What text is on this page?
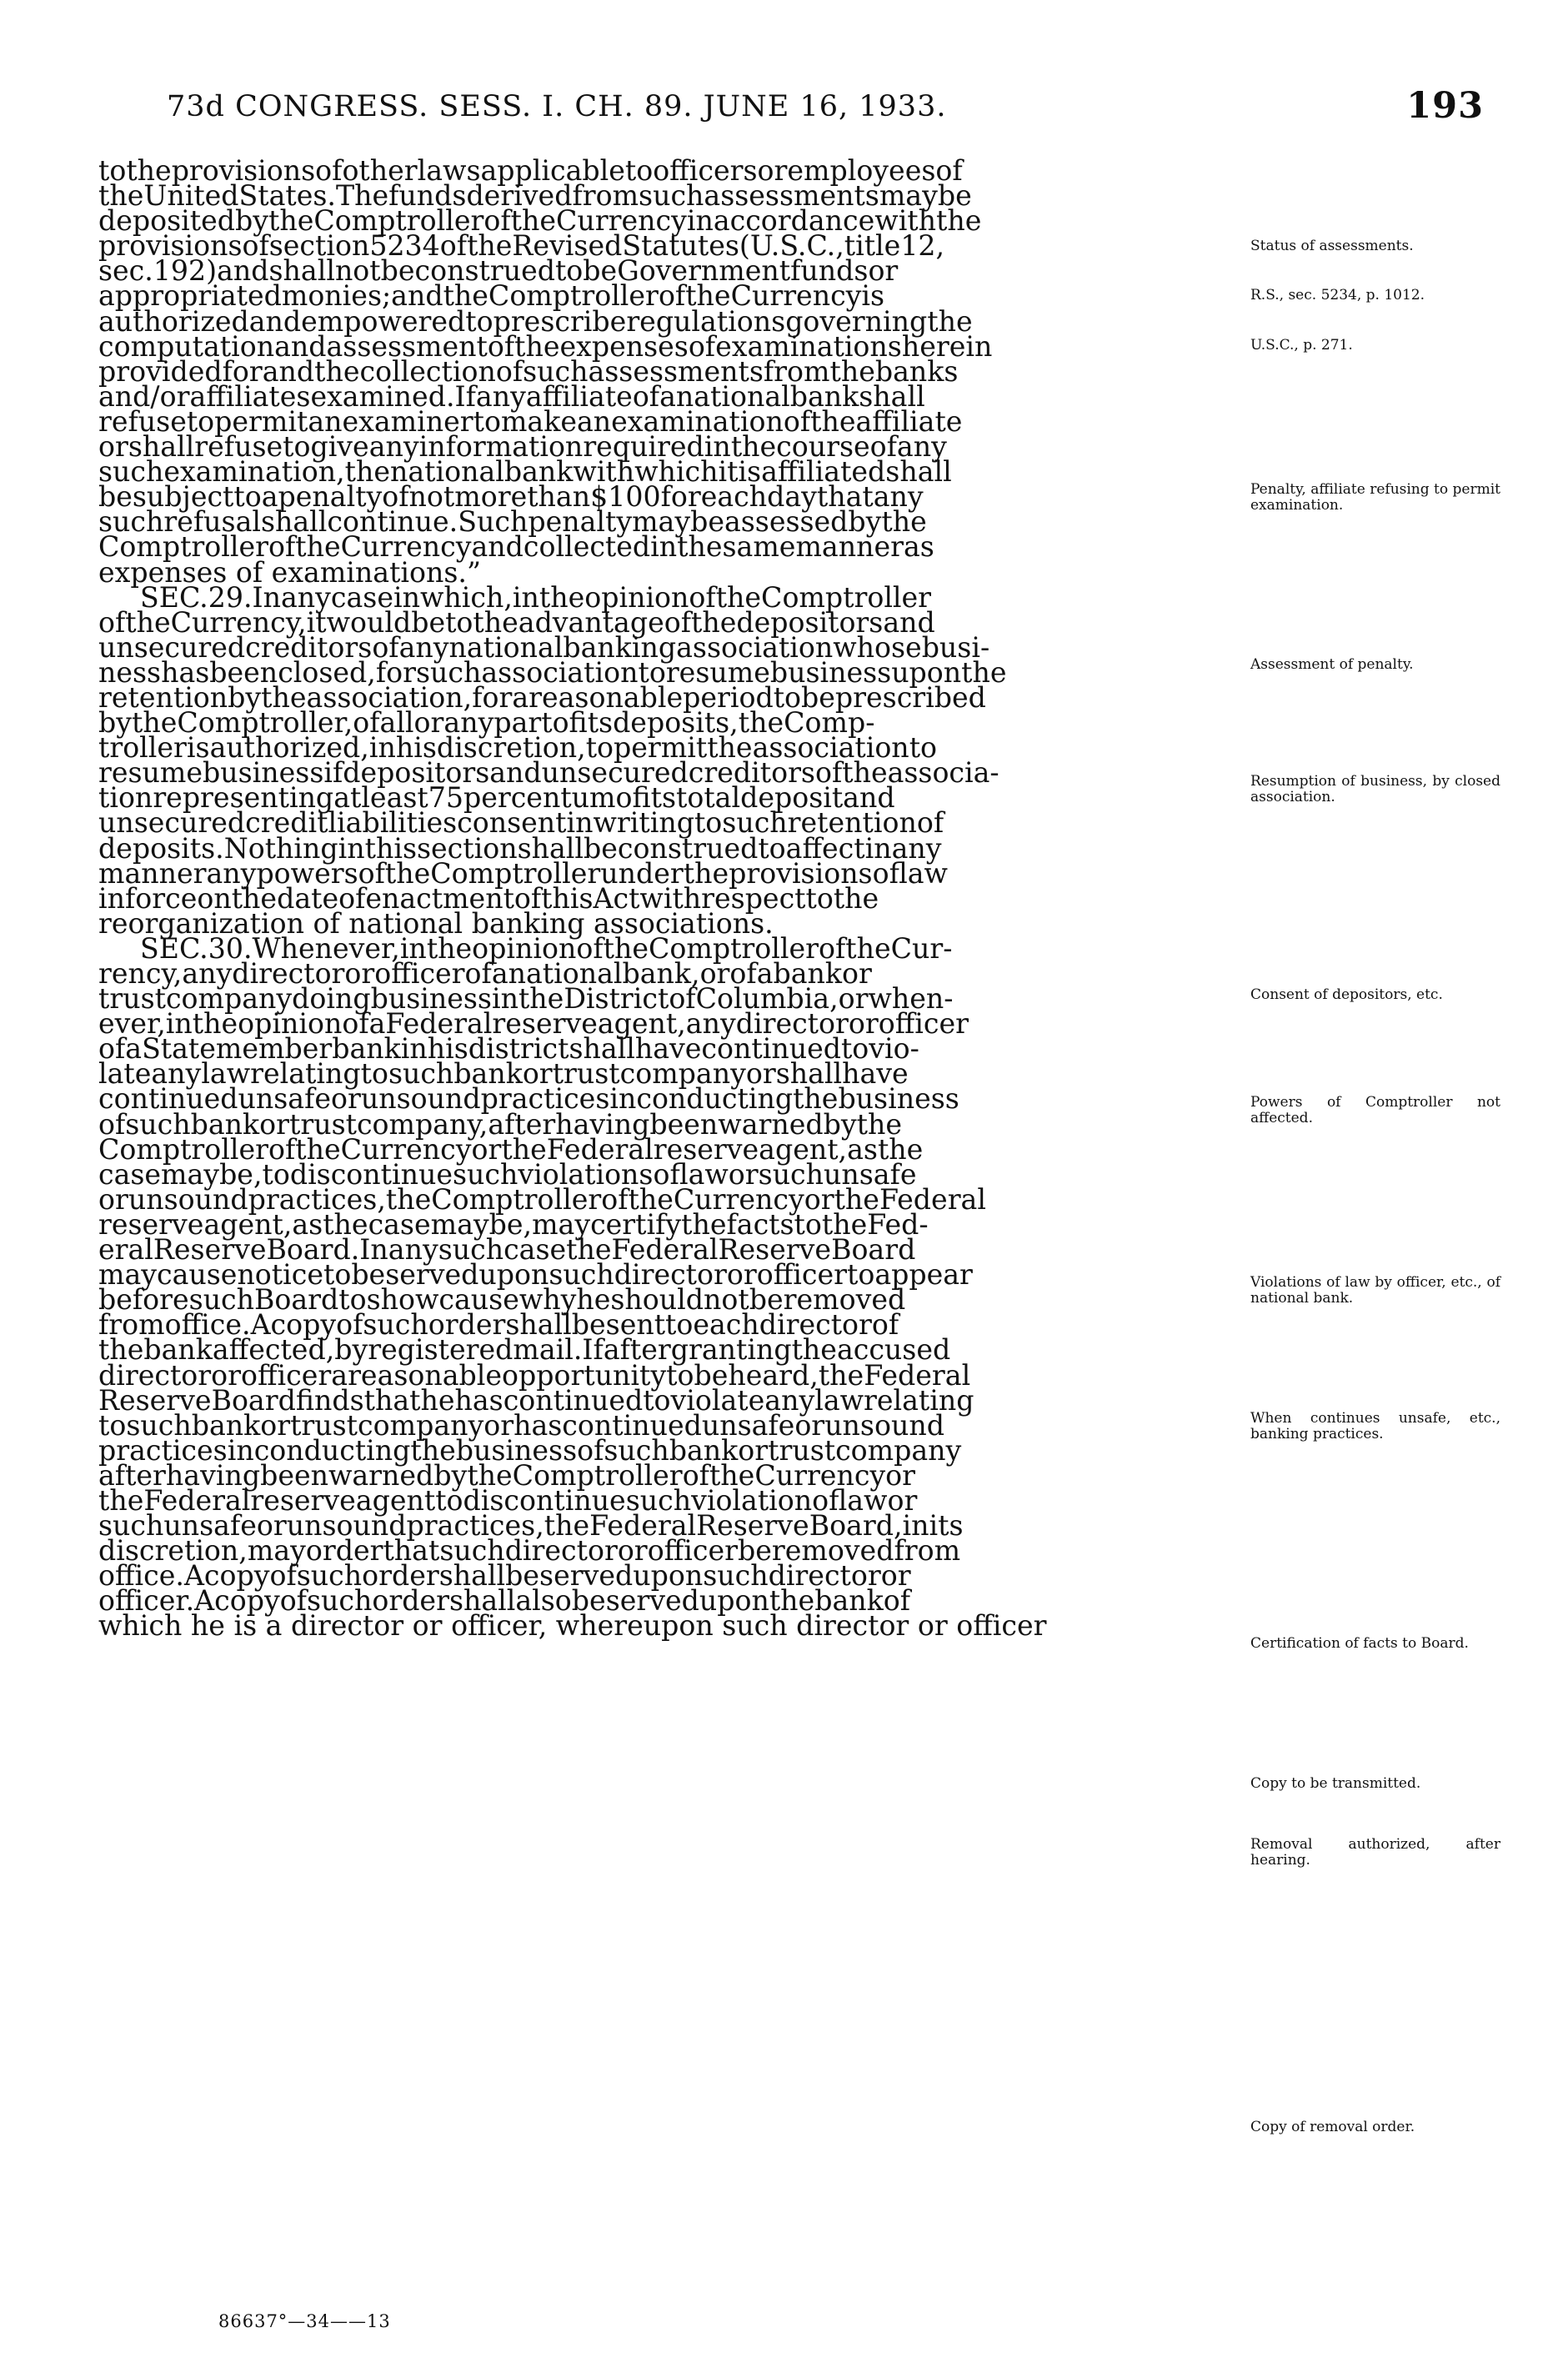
73d CONGRESS. SESS. I. CH. 89. JUNE 16, 1933.	193
totheprovisionsofotherlawsapplicabletoofficersoremployeesof
theUnitedStates.Thefundsderivedfromsuchassessmentsmaybe
depositedbytheComptrolleroftheCurrencyinaccordancewiththe
provisionsofsection5234oftheRevisedStatutes(U.S.C.,title12,
sec.192)andshallnotbeconstruedtobeGovernmentfundsor
appropriatedmonies;andtheComptrolleroftheCurrencyis
authorizedandempoweredtoprescriberegulationsgoverningthe
computationandassessmentoftheexpensesofexaminationsherein
providedforandthecollectionofsuchassessmentsfromthebanks
and/oraffiliatesexamined.Ifanyaffiliateofanationalbankshall
refusetopermitanexaminertomakeanexaminationoftheaffiliate
orshallrefusetogiveanyinformationrequiredinthecourseofany
suchexamination,thenationalbankwithwhichitisaffiliatedshall
besubjecttoapenaltyofnotmorethan$100foreachdaythatany
suchrefusalshallcontinue.Suchpenaltymaybeassessedbythe
ComptrolleroftheCurrencyandcollectedinthesamemanneras
expenses of examinations.”
SEC.29.Inanycaseinwhich,intheopinionoftheComptroller
oftheCurrency,itwouldbetotheadvantageofthedepositorsand
unsecuredcreditorsofanynationalbankingassociationwhosebusi-
nesshasbeenclosed,forsuchassociationtoresumebusinessuponthe
retentionbytheassociation,forareasonableperiodtobeprescribed
bytheComptroller,ofalloranypartofitsdeposits,theComp-
trollerisauthorized,inhisdiscretion,topermittheassociationto
resumebusinessifdepositorsandunsecuredcreditorsoftheassocia-
tionrepresentingatleast75percentumofitstotaldepositand
unsecuredcreditliabilitiesconsentinwritingtosuchretentionof
deposits.Nothinginthissectionshallbeconstruedtoaffectinany
manneranypowersoftheComptrollerundertheprovisionsoflaw
inforceonthedateofenactmentofthisActwithrespecttothe
reorganization of national banking associations.
SEC.30.Whenever,intheopinionoftheComptrolleroftheCur-
rency,anydirectororofficerofanationalbank,orofabankor
trustcompanydoingbusinessintheDistrictofColumbia,orwhen-
ever,intheopinionofaFederalreserveagent,anydirectororofficer
ofaStatememberbankinhisdistrictshallhavecontinuedtovio-
lateanylawrelatingtosuchbankortrustcompanyorshallhave
continuedunsafeorunsoundpracticesinconductingthebusiness
ofsuchbankortrustcompany,afterhavingbeenwarnedbythe
ComptrolleroftheCurrencyortheFederalreserveagent,asthe
casemaybe,todiscontinuesuchviolationsoflaworsuchunsafe
orunsoundpractices,theComptrolleroftheCurrencyortheFederal
reserveagent,asthecasemaybe,maycertifythefactstotheFed-
eralReserveBoard.InanysuchcasetheFederalReserveBoard
maycausenoticetobeserveduponsuchdirectororofficertoappear
beforesuchBoardtoshowcausewhyheshouldnotberemoved
fromoffice.Acopyofsuchordershallbesenttoeachdirectorof
thebankaffected,byregisteredmail.Ifaftergrantingtheaccused
directororofficerareasonableopportunitytobeheard,theFederal
ReserveBoardfindsthathehascontinuedtoviolateanylawrelating
tosuchbankortrustcompanyorhascontinuedunsafeorunsound
practicesinconductingthebusinessofsuchbankortrustcompany
afterhavingbeenwarnedbytheComptrolleroftheCurrencyor
theFederalreserveagenttodiscontinuesuchviolationoflawor
suchunsafeorunsoundpractices,theFederalReserveBoard,inits
discretion,mayorderthatsuchdirectororofficerberemovedfrom
office.Acopyofsuchordershallbeserveduponsuchdirectoror
officer.Acopyofsuchordershallalsobeserveduponthebankof
which he is a director or officer, whereupon such director or officer
Status of assessments.
R.S., sec. 5234, p. 1012.
U.S.C., p. 271.
Penalty, affiliate refusing to permit examination.
Assessment of penalty.
Resumption of business, by closed association.
Consent of depositors, etc.
Powers of Comptroller not affected.
Violations of law by officer, etc., of national bank.
When continues unsafe, etc., banking practices.
Certification of facts to Board.
Copy to be transmitted.
Removal authorized, after hearing.
Copy of removal order.
86637°—34——13
